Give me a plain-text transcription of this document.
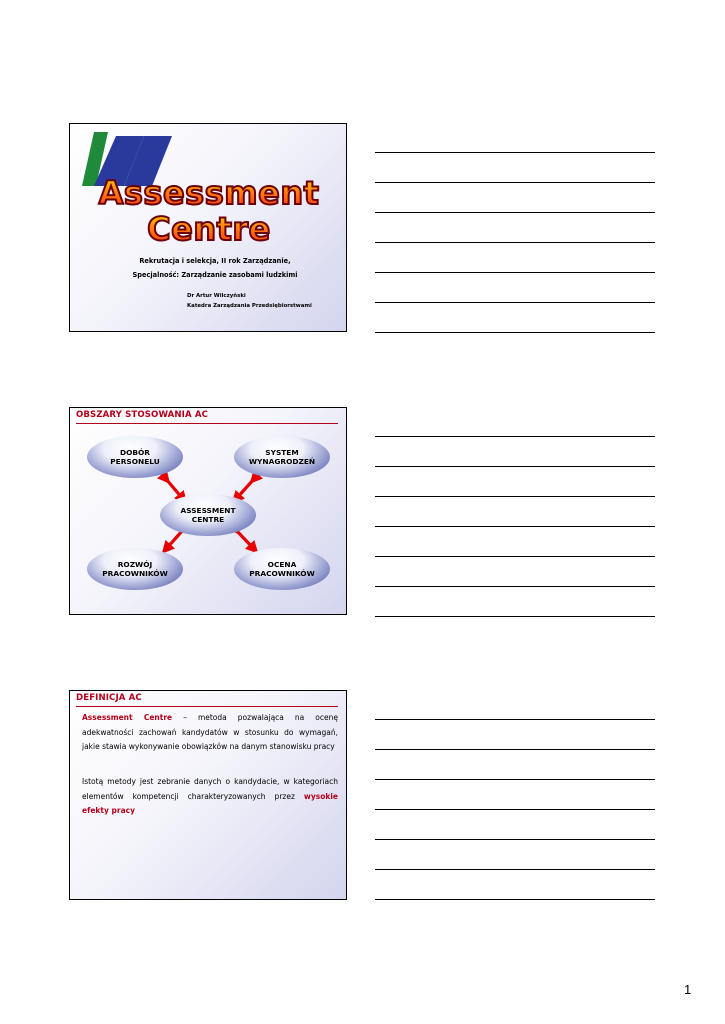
Assessment
Centre
Rekrutacja i selekcja, II rok Zarządzanie,
Specjalność: Zarządzanie zasobami ludzkimi
Dr Artur Wilczyński
Katedra Zarządzania Przedsiębiorstwami
OBSZARY STOSOWANIA AC
DOBÓR
PERSONELU
SYSTEM
WYNAGRODZEŃ
ASSESSMENT
CENTRE
ROZWÓJ
PRACOWNIKÓW
OCENA
PRACOWNIKÓW
DEFINICJA AC
Assessment Centre – metoda pozwalająca na ocenę adekwatności zachowań kandydatów w stosunku do wymagań, jakie stawia wykonywanie obowiązków na danym stanowisku pracy
Istotą metody jest zebranie danych o kandydacie, w kategoriach elementów kompetencji charakteryzowanych przez wysokie efekty pracy
1
